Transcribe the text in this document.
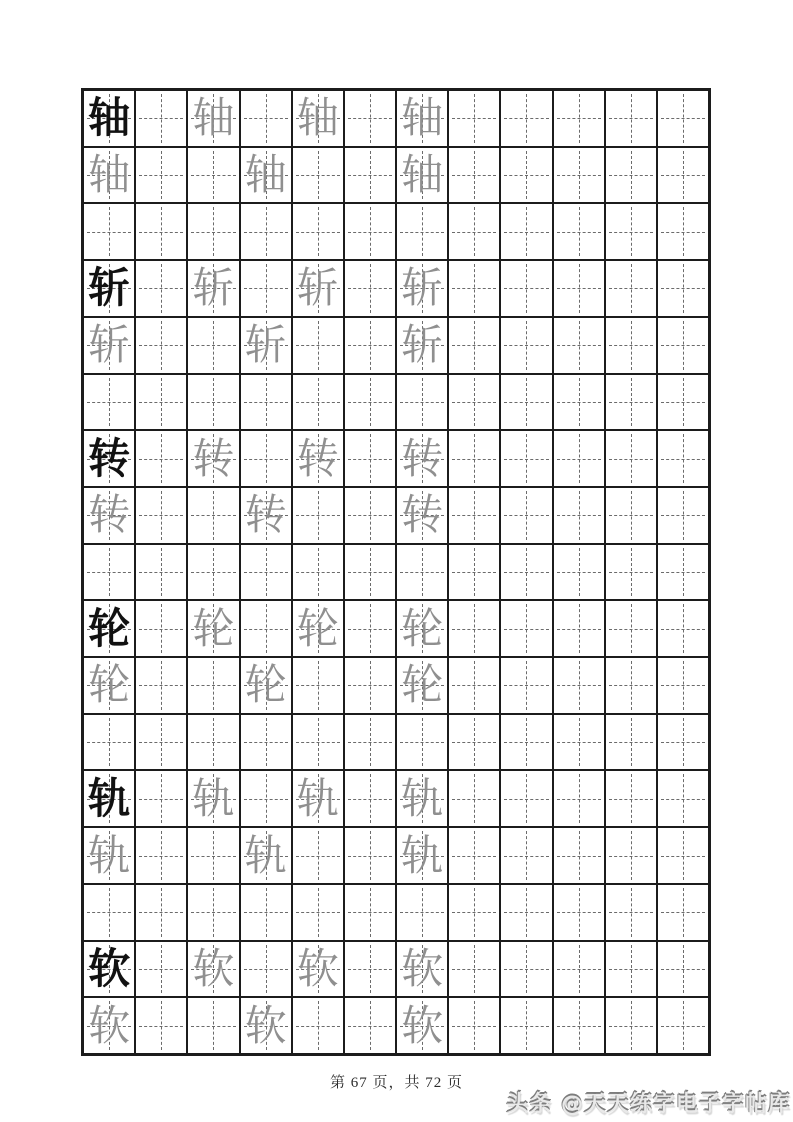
轴 轴 轴 轴
轴	轴	轴
斩 斩 斩 斩
斩	斩	斩
转 转 转 转
转	转	转
轮 轮 轮 轮
轮	轮	轮
轨 轨 轨 轨
轨	轨	轨
软 软 软 软
软	软	软
第 67 页，共 72 页
头条 @天天练字电子字帖库
